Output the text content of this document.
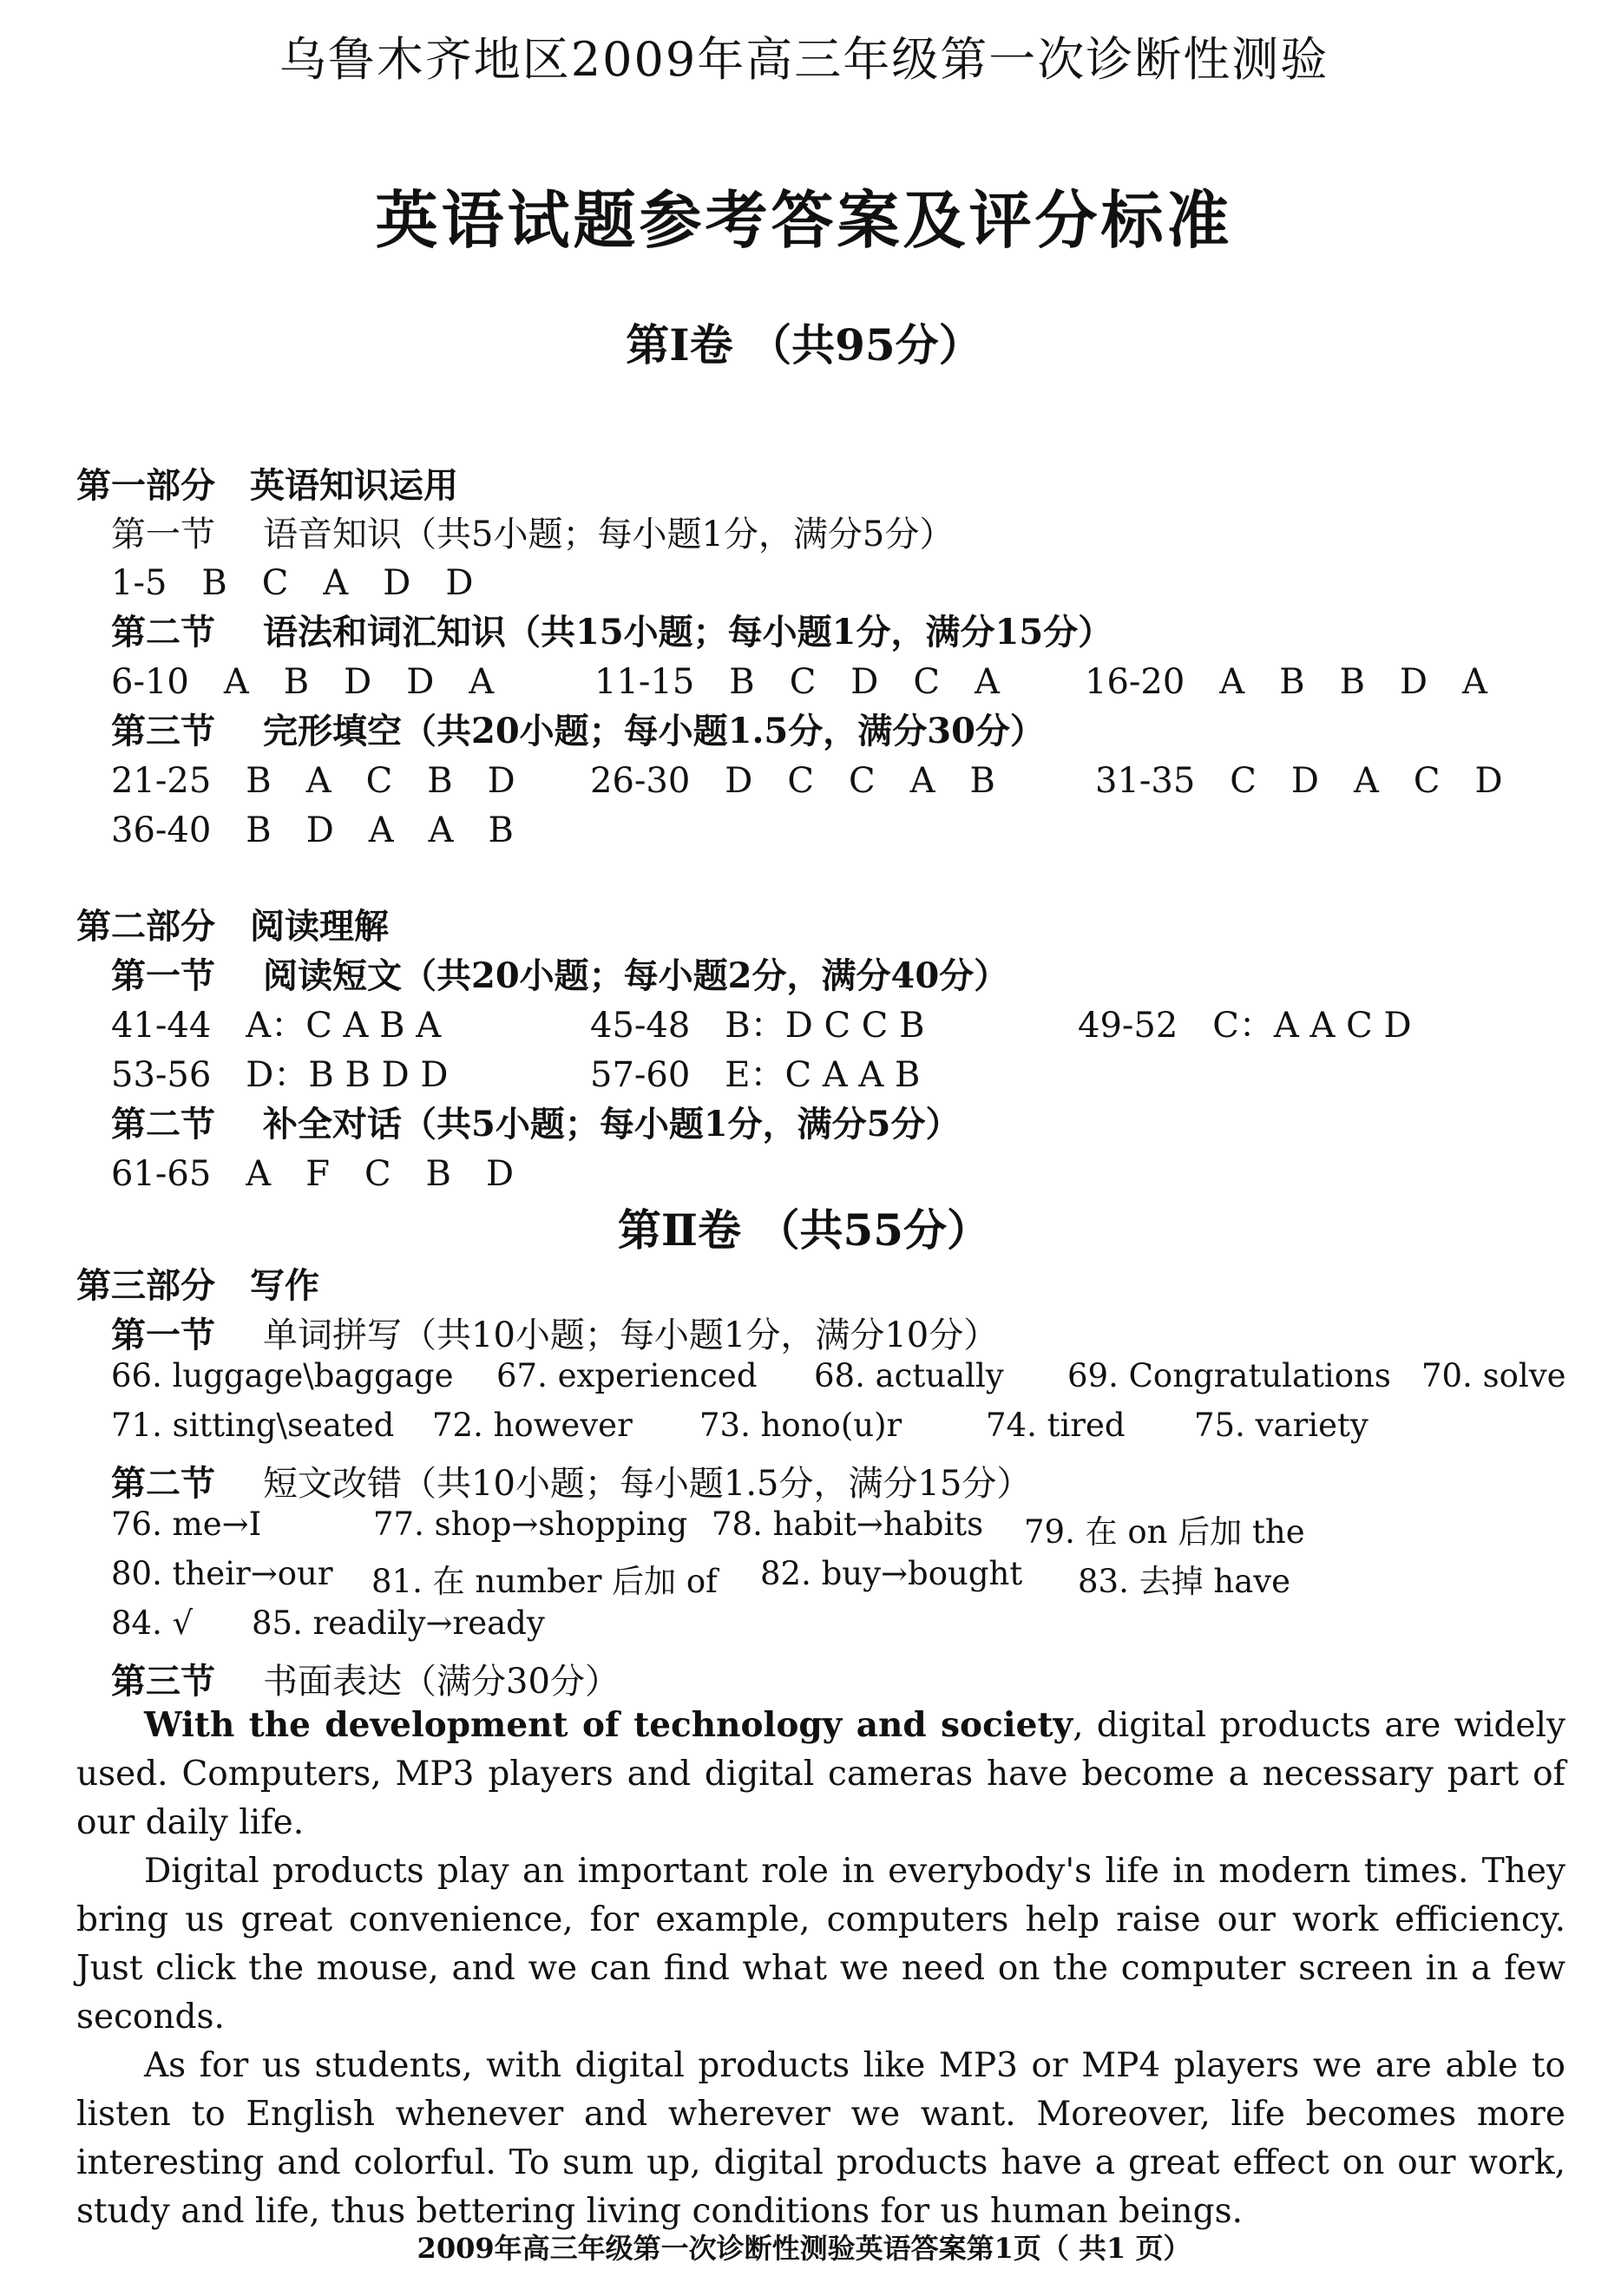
乌鲁木齐地区2009年高三年级第一次诊断性测验
英语试题参考答案及评分标准
第Ⅰ卷 （共95分）
第一部分　英语知识运用
第一节 语音知识（共5小题；每小题1分，满分5分）
1-5　B　C　A　D　D
第二节 语法和词汇知识（共15小题；每小题1分，满分15分）
6-10　A　B　D　D　A	11-15　B　C　D　C　A 16-20　A　B　B　D　A
第三节 完形填空（共20小题；每小题1.5分，满分30分）
21-25　B　A　C　B　D 26-30　D　C　C　A　B	31-35　C　D　A　C　D
36-40　B　D　A　A　B
第二部分　阅读理解
第一节 阅读短文（共20小题；每小题2分，满分40分）
41-44　A：C A B A	45-48　B：D C C B	49-52　C：A A C D
53-56　D：B B D D	57-60　E：C A A B
第二节 补全对话（共5小题；每小题1分，满分5分）
61-65　A　F　C　B　D
第Ⅱ卷 （共55分）
第三部分　写作
第一节 单词拼写（共10小题；每小题1分，满分10分）
66. luggage\baggage 67. experienced 68. actually 69. Congratulations 70. solve
71. sitting\seated 72. however 73. hono(u)r	74. tired 75. variety
第二节 短文改错（共10小题；每小题1.5分，满分15分）
76. me→I	77. shop→shopping 78. habit→habits 79. 在 on 后加 the
80. their→our 81. 在 number 后加 of 82. buy→bought 83. 去掉 have
84. √ 85. readily→ready
第三节 书面表达（满分30分）

With the development of technology and society, digital products are widely used. Computers, MP3 players and digital cameras have become a necessary part of our daily life.

Digital products play an important role in everybody's life in modern times. They bring us great convenience, for example, computers help raise our work efficiency. Just click the mouse, and we can find what we need on the computer screen in a few seconds.

As for us students, with digital products like MP3 or MP4 players we are able to listen to English whenever and wherever we want. Moreover, life becomes more interesting and colorful. To sum up, digital products have a great effect on our work, study and life, thus bettering living conditions for us human beings.

2009年高三年级第一次诊断性测验英语答案第1页（ 共1 页）
